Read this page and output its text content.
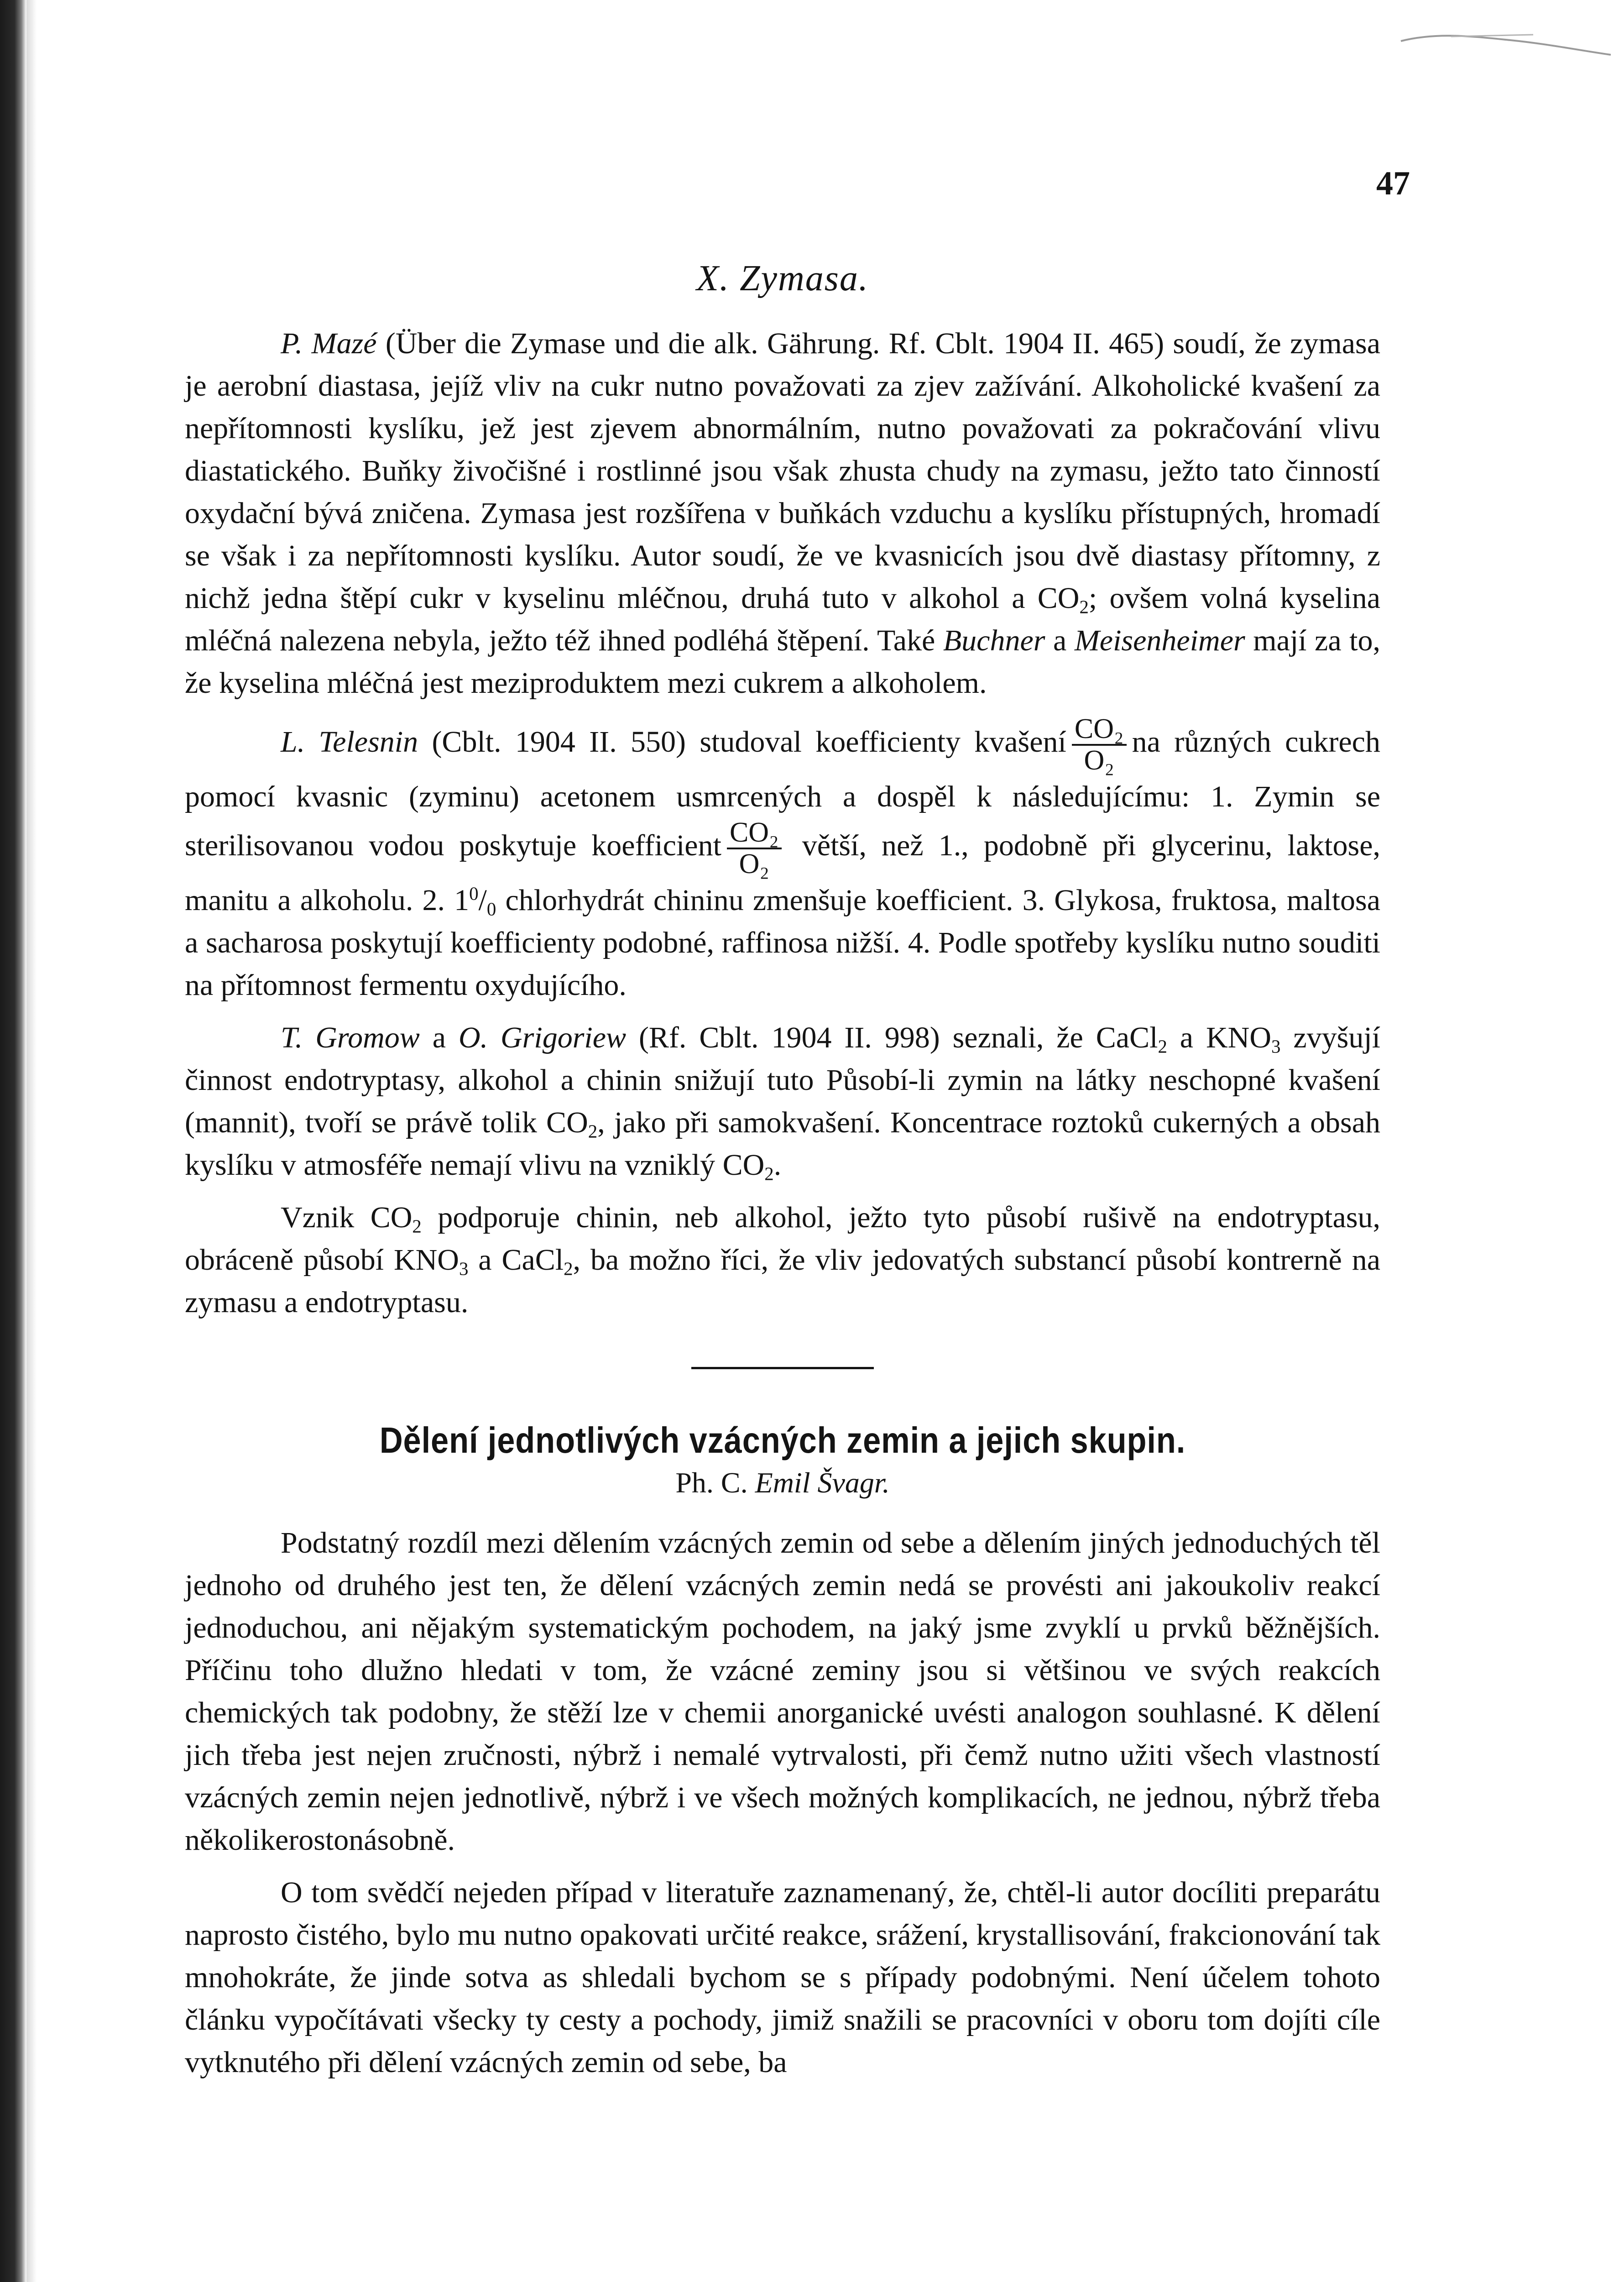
47
X. Zymasa.

P. Mazé (Über die Zymase und die alk. Gährung. Rf. Cblt. 1904 II. 465) soudí, že zymasa je aerobní diastasa, jejíž vliv na cukr nutno považovati za zjev zažívání. Alkoholické kvašení za nepřítomnosti kyslíku, jež jest zjevem abnormálním, nutno považovati za pokračování vlivu diastatického. Buňky živočišné i rostlinné jsou však zhusta chudy na zymasu, ježto tato činností oxydační bývá zničena. Zymasa jest rozšířena v buňkách vzduchu a kyslíku přístupných, hromadí se však i za nepřítomnosti kyslíku. Autor soudí, že ve kvasnicích jsou dvě diastasy přítomny, z nichž jedna štěpí cukr v kyselinu mléčnou, druhá tuto v alkohol a $CO_2$; ovšem volná kyselina mléčná nalezena nebyla, ježto též ihned podléhá štěpení. Také Buchner a Meisenheimer mají za to, že kyselina mléčná jest meziproduktem mezi cukrem a alkoholem.

L. Telesnin (Cblt. 1904 II. 550) studoval koefficienty kvašení $\frac{\text{CO₂}}{\text{O₂}}$ na různých cukrech pomocí kvasnic (zyminu) acetonem usmrcených a dospěl k následujícímu: 1. Zymin se sterilisovanou vodou poskytuje koefficient $\frac{\text{CO₂}}{\text{O₂}}$ větší, než 1., podobně při glycerinu, laktose, manitu a alkoholu. 2. $1^0/_0$ chlorhydrát chininu zmenšuje koefficient. 3. Glykosa, fruktosa, maltosa a sacharosa poskytují koefficienty podobné, raffinosa nižší. 4. Podle spotřeby kyslíku nutno souditi na přítomnost fermentu oxydujícího.

T. Gromow a O. Grigoriew (Rf. Cblt. 1904 II. 998) seznali, že CaCl$_2$ a $KNO_3$ zvyšují činnost endotryptasy, alkohol a chinin snižují tuto Působí-li zymin na látky neschopné kvašení (mannit), tvoří se právě tolik $CO_2$, jako při samokvašení. Koncentrace roztoků cukerných a obsah kyslíku v atmosféře nemají vlivu na vzniklý $CO_2$.

Vznik $CO_2$ podporuje chinin, neb alkohol, ježto tyto působí rušivě na endotryptasu, obráceně působí $KNO_3$ a CaCl$_2$, ba možno říci, že vliv jedovatých substancí působí kontrerně na zymasu a endotryptasu.

Dělení jednotlivých vzácných zemin a jejich skupin.
Ph. C. Emil Švagr.

Podstatný rozdíl mezi dělením vzácných zemin od sebe a dělením jiných jednoduchých těl jednoho od druhého jest ten, že dělení vzácných zemin nedá se provésti ani jakoukoliv reakcí jednoduchou, ani nějakým systematickým pochodem, na jaký jsme zvyklí u prvků běžnějších. Příčinu toho dlužno hledati v tom, že vzácné zeminy jsou si většinou ve svých reakcích chemických tak podobny, že stěží lze v chemii anorganické uvésti analogon souhlasné. K dělení jich třeba jest nejen zručnosti, nýbrž i nemalé vytrvalosti, při čemž nutno užiti všech vlastností vzácných zemin nejen jednotlivě, nýbrž i ve všech možných komplikacích, ne jednou, nýbrž třeba několikerostonásobně.

O tom svědčí nejeden případ v literatuře zaznamenaný, že, chtěl-li autor docíliti preparátu naprosto čistého, bylo mu nutno opakovati určité reakce, srážení, krystallisování, frakcionování tak mnohokráte, že jinde sotva as shledali bychom se s případy podobnými. Není účelem tohoto článku vypočítávati všecky ty cesty a pochody, jimiž snažili se pracovníci v oboru tom dojíti cíle vytknutého při dělení vzácných zemin od sebe, ba
